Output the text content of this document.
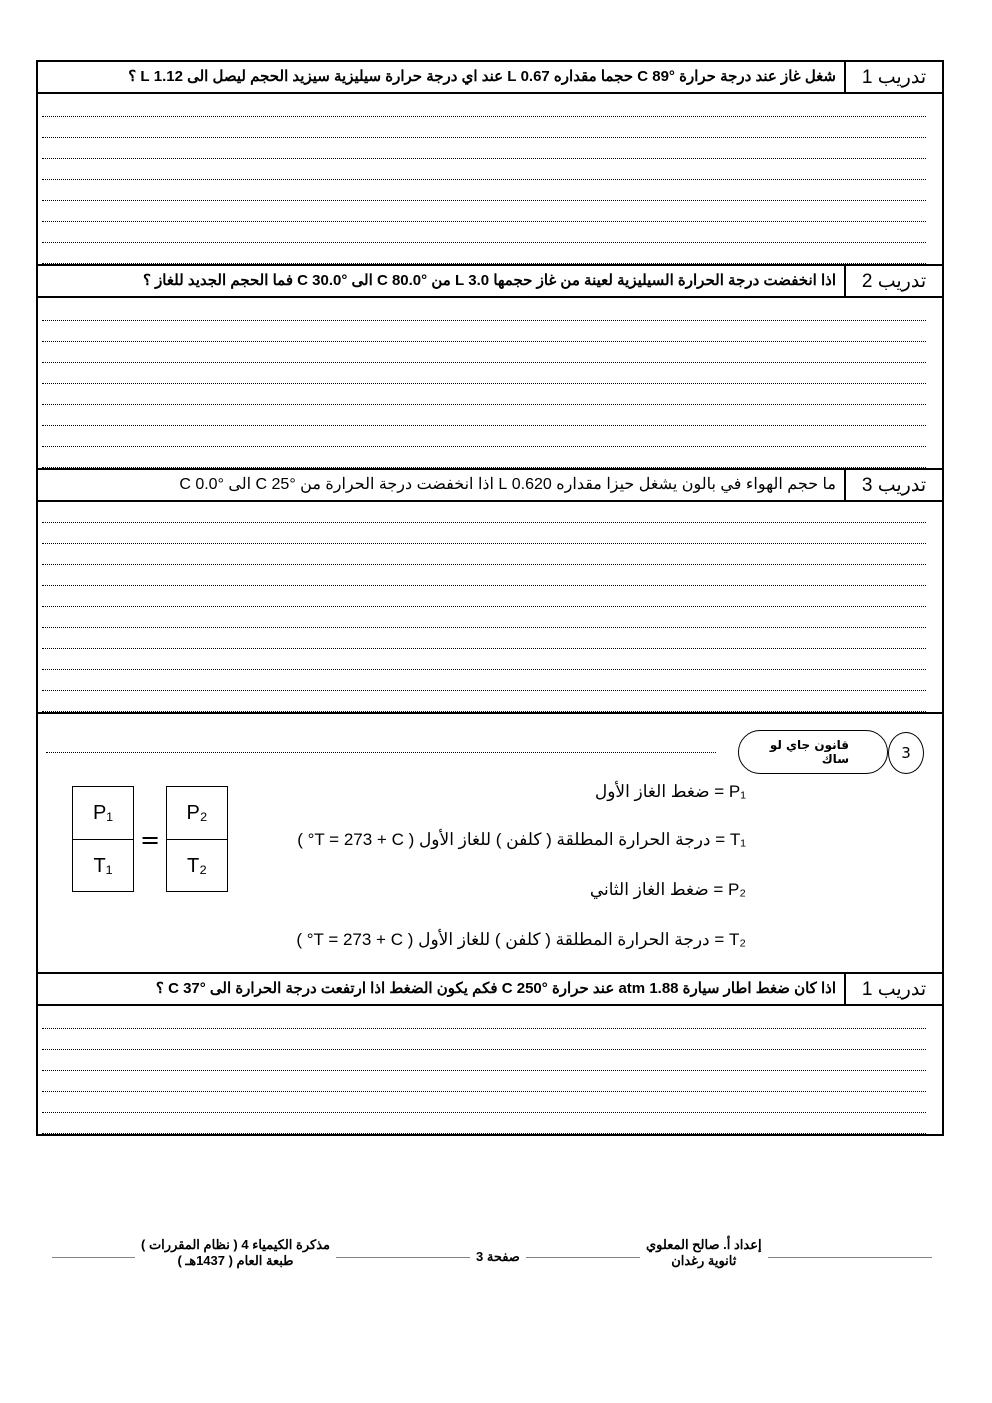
تدريب 1
شغل غاز عند درجة حرارة °C 89 حجما مقداره 0.67 L عند اي درجة حرارة سيليزية سيزيد الحجم ليصل الى 1.12 L ؟
تدريب 2
اذا انخفضت درجة الحرارة السيليزية لعينة من غاز حجمها 3.0 L من °C 80.0 الى °C 30.0 فما الحجم الجديد للغاز ؟
تدريب 3
ما حجم الهواء في بالون يشغل حيزا مقداره 0.620 L اذا انخفضت درجة الحرارة من °C 25 الى °C 0.0
قانون جاي لو ساك	3
$\frac{\text{P₁}}{\text{T₁}} = \frac{\text{P₂}}{\text{T₂}}$	P₁ = ضغط الغاز الأول
T₁ = درجة الحرارة المطلقة ( كلفن ) للغاز الأول ( T = 273 + C° )
P₂ = ضغط الغاز الثاني
T₂ = درجة الحرارة المطلقة ( كلفن ) للغاز الأول ( T = 273 + C° )
تدريب 1
اذا كان ضغط اطار سيارة 1.88 atm عند حرارة °C 250 فكم يكون الضغط اذا ارتفعت درجة الحرارة الى °C 37 ؟
إعداد أ. صالح المعلوي
ثانوية رغدان
صفحة 3
مذكرة الكيمياء 4 ( نظام المقررات )
طبعة العام ( 1437هـ )
